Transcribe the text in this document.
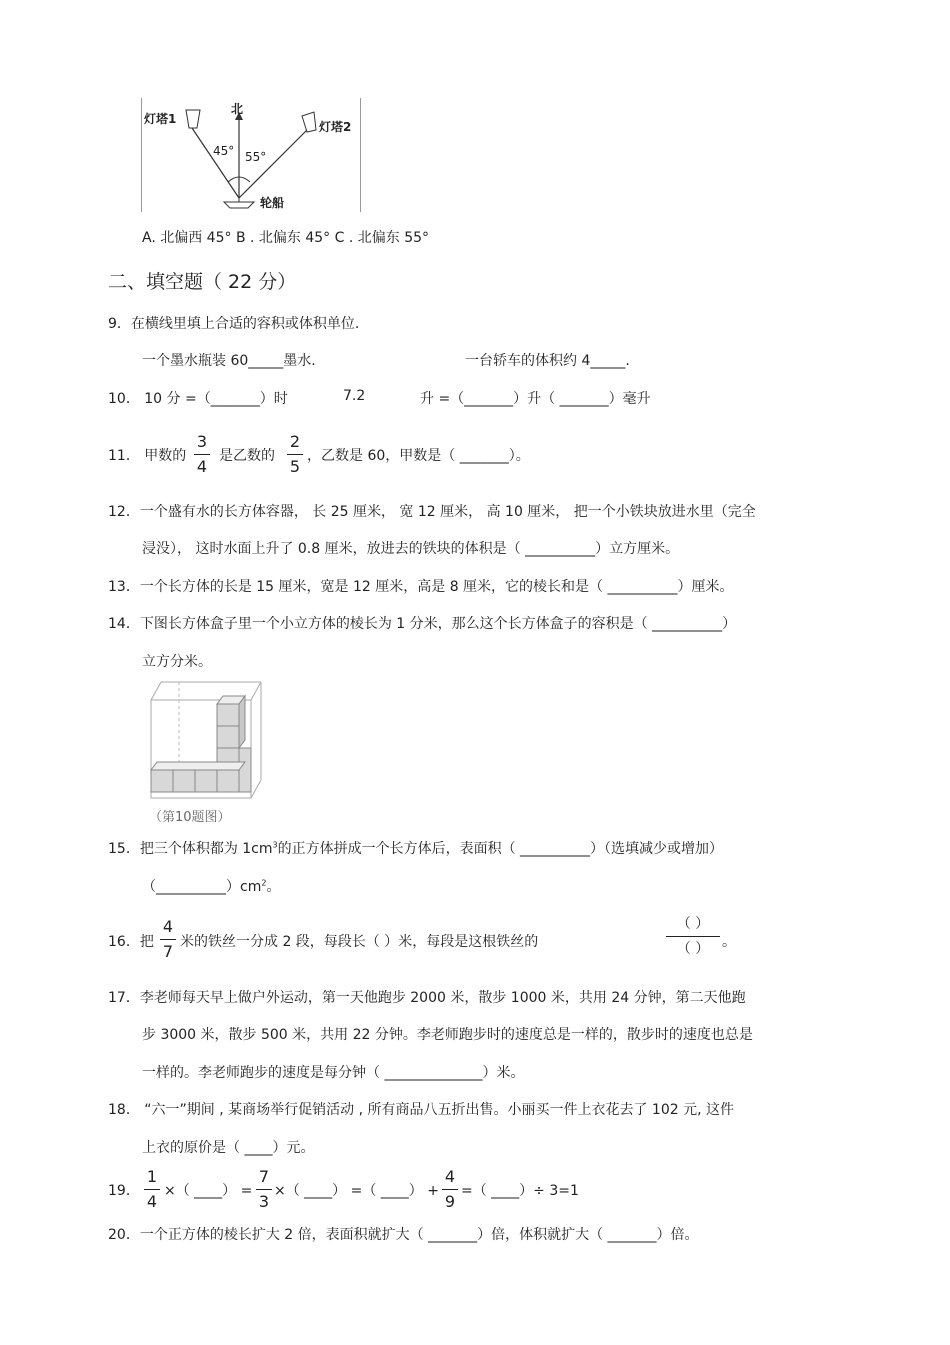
北
灯塔1
灯塔2
45° 55°
轮船
A. 北偏西 45° B . 北偏东 45° C . 北偏东 55°
二、填空题（ 22 分）
9．在横线里填上合适的容积或体积单位.
一个墨水瓶装 60_____墨水.	一台轿车的体积约 4_____.
10． 10 分 =（_______）时	7.2	升 =（_______）升（ _______）毫升
11． 甲数的
3
4
是乙数的
2
5
，乙数是 60，甲数是（ _______）。
12．一个盛有水的长方体容器， 长 25 厘米， 宽 12 厘米， 高 10 厘米， 把一个小铁块放进水里（完全
浸没）， 这时水面上升了 0.8 厘米，放进去的铁块的体积是（ __________）立方厘米。
13．一个长方体的长是 15 厘米，宽是 12 厘米，高是 8 厘米，它的棱长和是（ __________）厘米。
14．下图长方体盒子里一个小立方体的棱长为 1 分米，那么这个长方体盒子的容积是（ __________）
立方分米。
（第10题图）
15．把三个体积都为 $1cm^3$的正方体拼成一个长方体后，表面积（ __________）（选填减少或增加）
$(\_\_\_\_\_\_\_\_\_\_)cm^2$。
16．把
4
7 米的铁丝一分成 2 段，每段长（ ）米，每段是这根铁丝的
（ ）
（ ） 。
17．李老师每天早上做户外运动，第一天他跑步 2000 米，散步 1000 米，共用 24 分钟，第二天他跑
步 3000 米，散步 500 米，共用 22 分钟。李老师跑步时的速度总是一样的，散步时的速度也总是
一样的。李老师跑步的速度是每分钟（ ______________）米。
18． “六一”期间 , 某商场举行促销活动 , 所有商品八五折出售。小丽买一件上衣花去了 102 元, 这件
上衣的原价是（ ____）元。
19．
1
4
×（ ____） =
7
3
×（ ____） =（ ____） +
4
9
=（ ____）÷ 3=1
20．一个正方体的棱长扩大 2 倍，表面积就扩大（ _______）倍，体积就扩大（ _______）倍。
